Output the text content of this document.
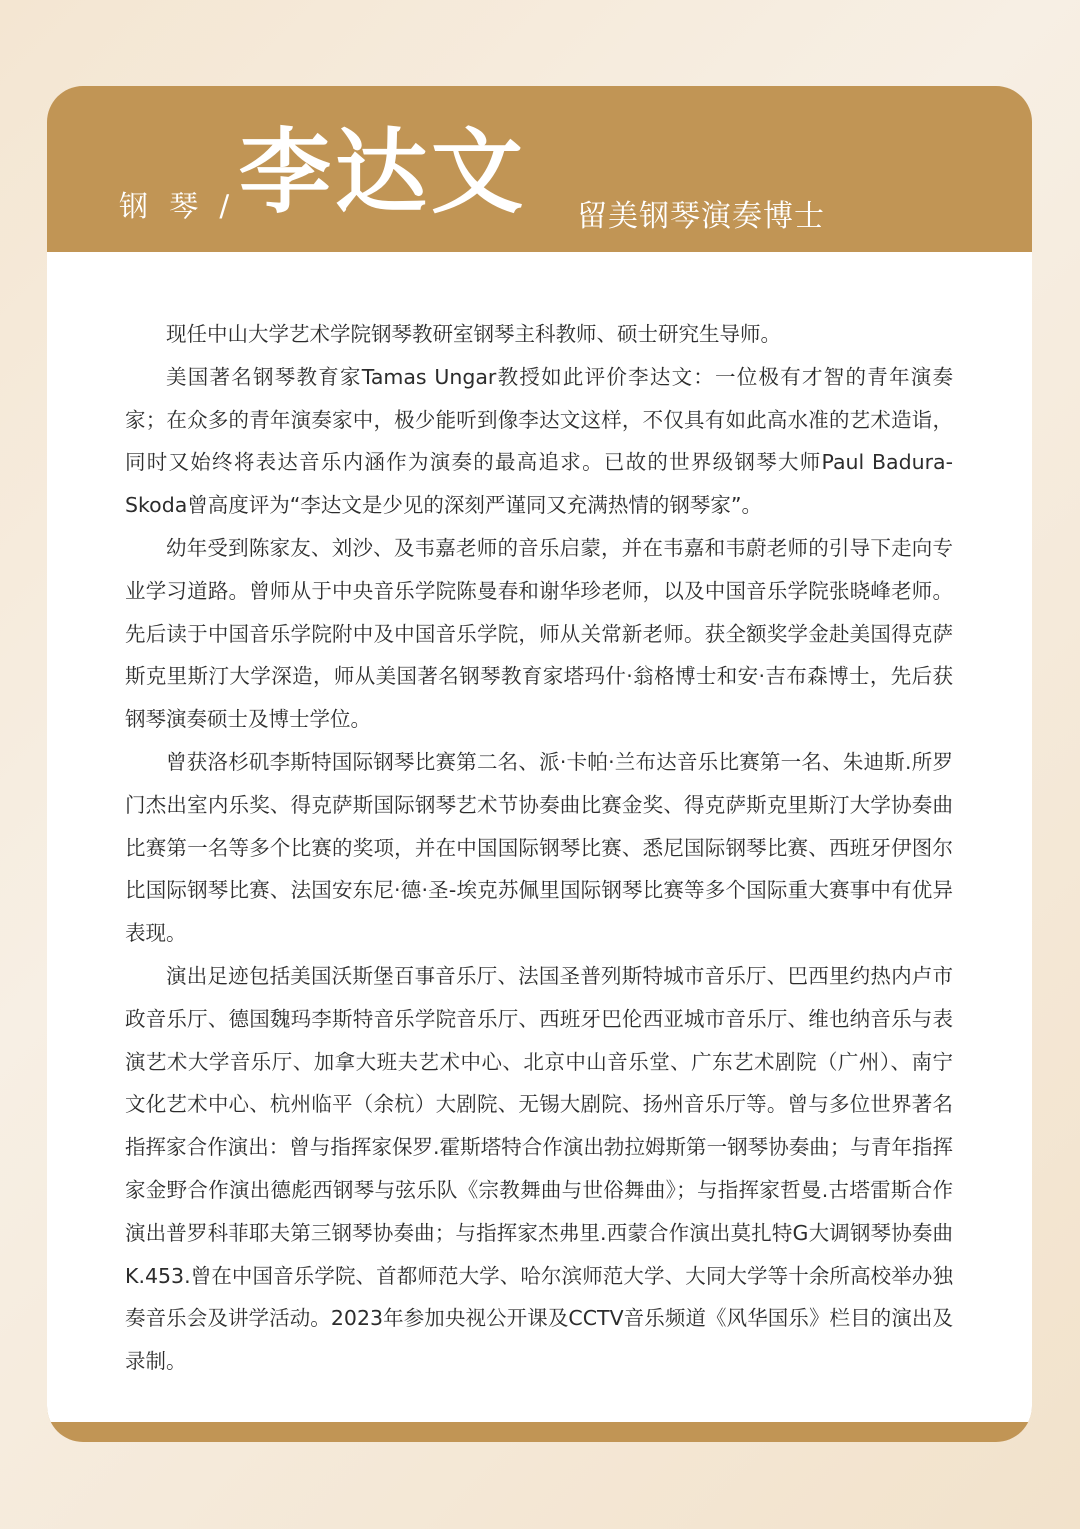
钢 琴 / 李达文 留美钢琴演奏博士

现任中山大学艺术学院钢琴教研室钢琴主科教师、硕士研究生导师。

美国著名钢琴教育家Tamas Ungar教授如此评价李达文：一位极有才智的青年演奏家；在众多的青年演奏家中，极少能听到像李达文这样，不仅具有如此高水准的艺术造诣，同时又始终将表达音乐内涵作为演奏的最高追求。已故的世界级钢琴大师Paul Badura-Skoda曾高度评为“李达文是少见的深刻严谨同又充满热情的钢琴家”。

幼年受到陈家友、刘沙、及韦嘉老师的音乐启蒙，并在韦嘉和韦蔚老师的引导下走向专业学习道路。曾师从于中央音乐学院陈曼春和谢华珍老师，以及中国音乐学院张晓峰老师。先后读于中国音乐学院附中及中国音乐学院，师从关常新老师。获全额奖学金赴美国得克萨斯克里斯汀大学深造，师从美国著名钢琴教育家塔玛什·翁格博士和安·吉布森博士，先后获钢琴演奏硕士及博士学位。

曾获洛杉矶李斯特国际钢琴比赛第二名、派·卡帕·兰布达音乐比赛第一名、朱迪斯.所罗门杰出室内乐奖、得克萨斯国际钢琴艺术节协奏曲比赛金奖、得克萨斯克里斯汀大学协奏曲比赛第一名等多个比赛的奖项，并在中国国际钢琴比赛、悉尼国际钢琴比赛、西班牙伊图尔比国际钢琴比赛、法国安东尼·德·圣-埃克苏佩里国际钢琴比赛等多个国际重大赛事中有优异表现。

演出足迹包括美国沃斯堡百事音乐厅、法国圣普列斯特城市音乐厅、巴西里约热内卢市政音乐厅、德国魏玛李斯特音乐学院音乐厅、西班牙巴伦西亚城市音乐厅、维也纳音乐与表演艺术大学音乐厅、加拿大班夫艺术中心、北京中山音乐堂、广东艺术剧院（广州）、南宁文化艺术中心、杭州临平（余杭）大剧院、无锡大剧院、扬州音乐厅等。曾与多位世界著名指挥家合作演出：曾与指挥家保罗.霍斯塔特合作演出勃拉姆斯第一钢琴协奏曲；与青年指挥家金野合作演出德彪西钢琴与弦乐队《宗教舞曲与世俗舞曲》；与指挥家哲曼.古塔雷斯合作演出普罗科菲耶夫第三钢琴协奏曲；与指挥家杰弗里.西蒙合作演出莫扎特G大调钢琴协奏曲K.453.曾在中国音乐学院、首都师范大学、哈尔滨师范大学、大同大学等十余所高校举办独奏音乐会及讲学活动。2023年参加央视公开课及CCTV音乐频道《风华国乐》栏目的演出及录制。
